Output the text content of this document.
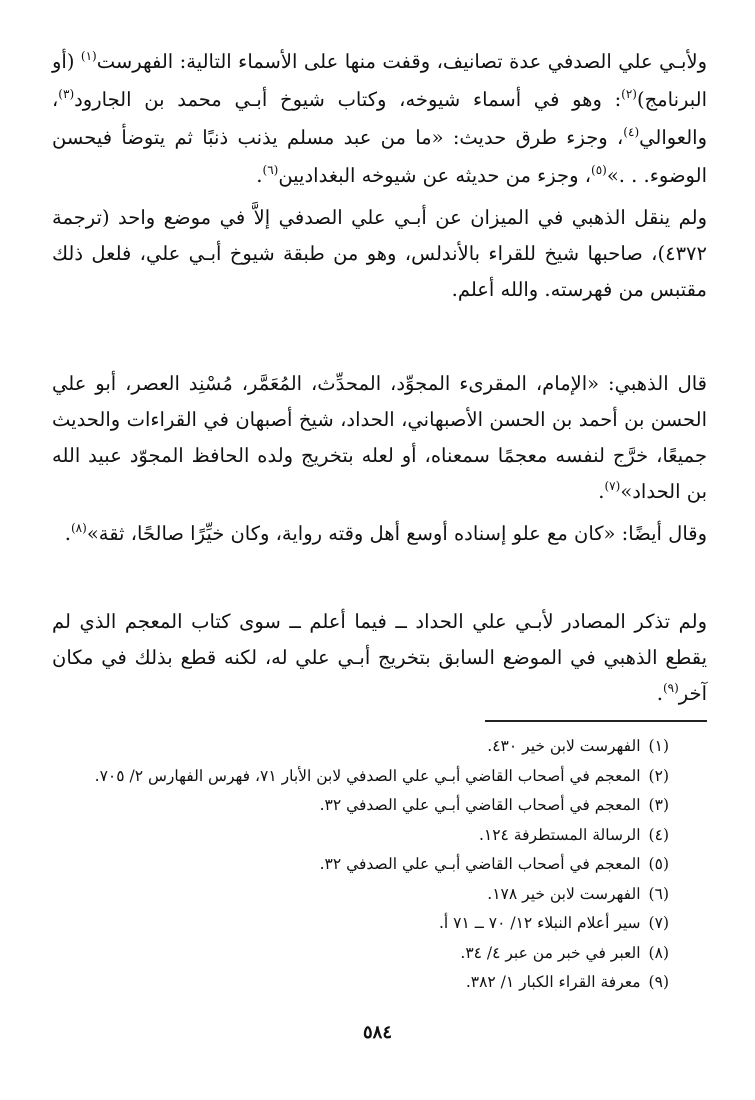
ولأبـي علي الصدفي عدة تصانيف، وقفت منها على الأسماء التالية: الفهرست$^{(١)}$ (أو البرنامج)$^{(٢)}$: وهو في أسماء شيوخه، وكتاب شيوخ أبـي محمد بن الجارود$^{(٣)}$، والعوالي$^{(٤)}$، وجزء طرق حديث: «ما من عبد مسلم يذنب ذنبًا ثم يتوضأ فيحسن الوضوء. . .»$^{(٥)}$، وجزء من حديثه عن شيوخه البغداديين$^{(٦)}$.

ولم ينقل الذهبي في الميزان عن أبـي علي الصدفي إلاَّ في موضع واحد (ترجمة ٤٣٧٢)، صاحبها شيخ للقراء بالأندلس، وهو من طبقة شيوخ أبـي علي، فلعل ذلك مقتبس من فهرسته. والله أعلم.

قال الذهبي: «الإمام، المقرىء المجوِّد، المحدِّث، المُعَمَّر، مُسْنِد العصر، أبو علي الحسن بن أحمد بن الحسن الأصبهاني، الحداد، شيخ أصبهان في القراءات والحديث جميعًا، خرَّج لنفسه معجمًا سمعناه، أو لعله بتخريج ولده الحافظ المجوّد عبيد الله بن الحداد»$^{(٧)}$.

وقال أيضًا: «كان مع علو إسناده أوسع أهل وقته رواية، وكان خيِّرًا صالحًا، ثقة»$^{(٨)}$.

ولم تذكر المصادر لأبـي علي الحداد ــ فيما أعلم ــ سوى كتاب المعجم الذي لم يقطع الذهبي في الموضع السابق بتخريج أبـي علي له، لكنه قطع بذلك في مكان آخر$^{(٩)}$.

(١)الفهرست لابن خير ٤٣٠.
(٢)المعجم في أصحاب القاضي أبـي علي الصدفي لابن الأبار ٧١، فهرس الفهارس ٢/ ٧٠٥.
(٣)المعجم في أصحاب القاضي أبـي علي الصدفي ٣٢.
(٤)الرسالة المستطرفة ١٢٤.
(٥)المعجم في أصحاب القاضي أبـي علي الصدفي ٣٢.
(٦)الفهرست لابن خير ١٧٨.
(٧)سير أعلام النبلاء ١٢/ ٧٠ ــ ٧١ أ.
(٨)العبر في خبر من عبر ٤/ ٣٤.
(٩)معرفة القراء الكبار ١/ ٣٨٢.
٥٨٤
